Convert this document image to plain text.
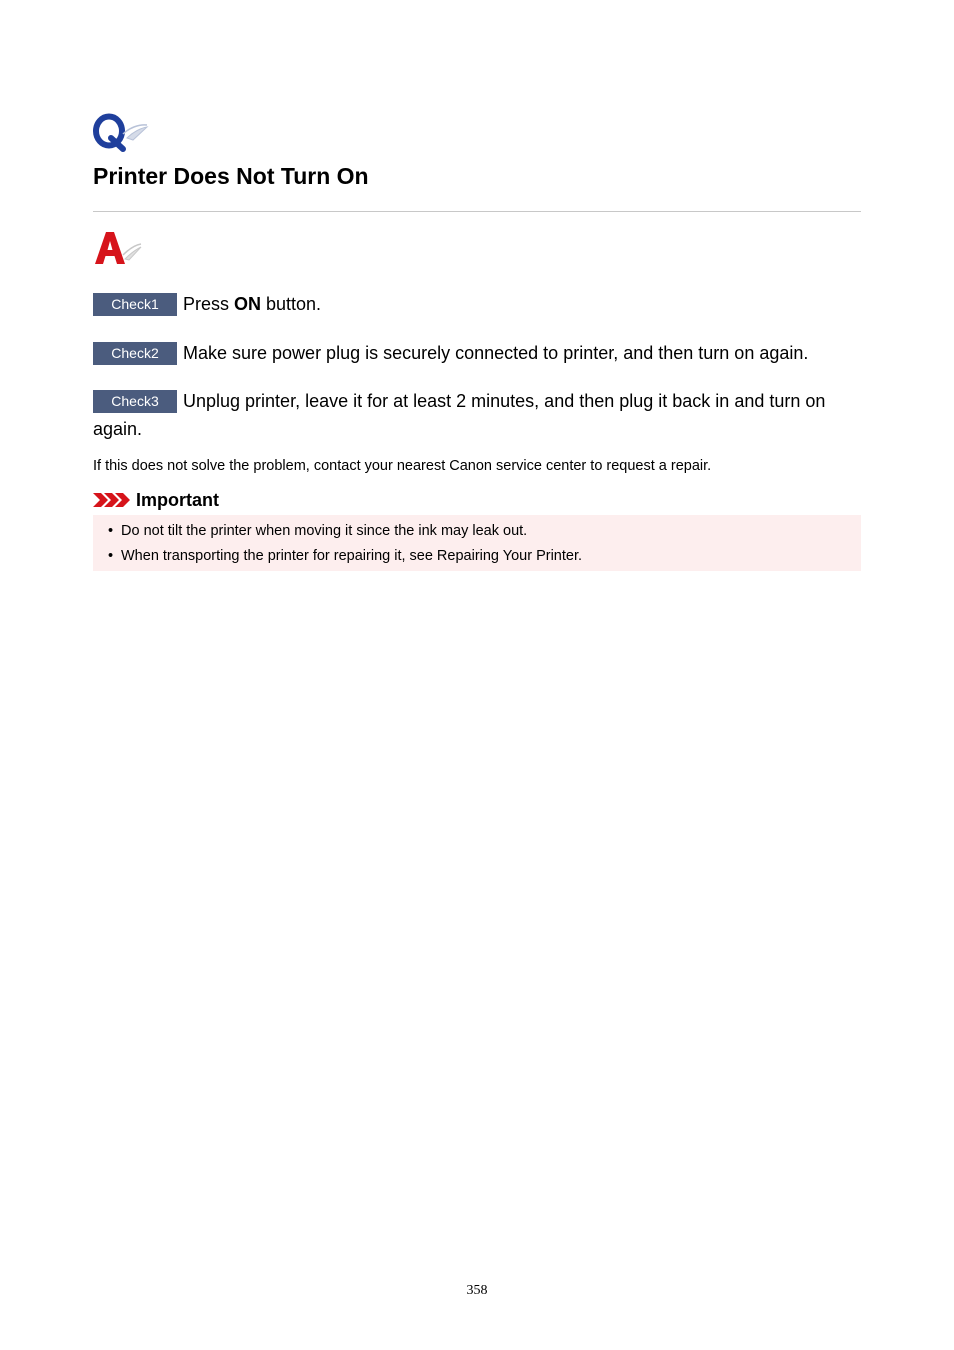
Printer Does Not Turn On
Check1 Press ON button.
Check2 Make sure power plug is securely connected to printer, and then turn on again.
Check3 Unplug printer, leave it for at least 2 minutes, and then plug it back in and turn on again.

If this does not solve the problem, contact your nearest Canon service center to request a repair.

Important
• Do not tilt the printer when moving it since the ink may leak out.
• When transporting the printer for repairing it, see Repairing Your Printer.
358
